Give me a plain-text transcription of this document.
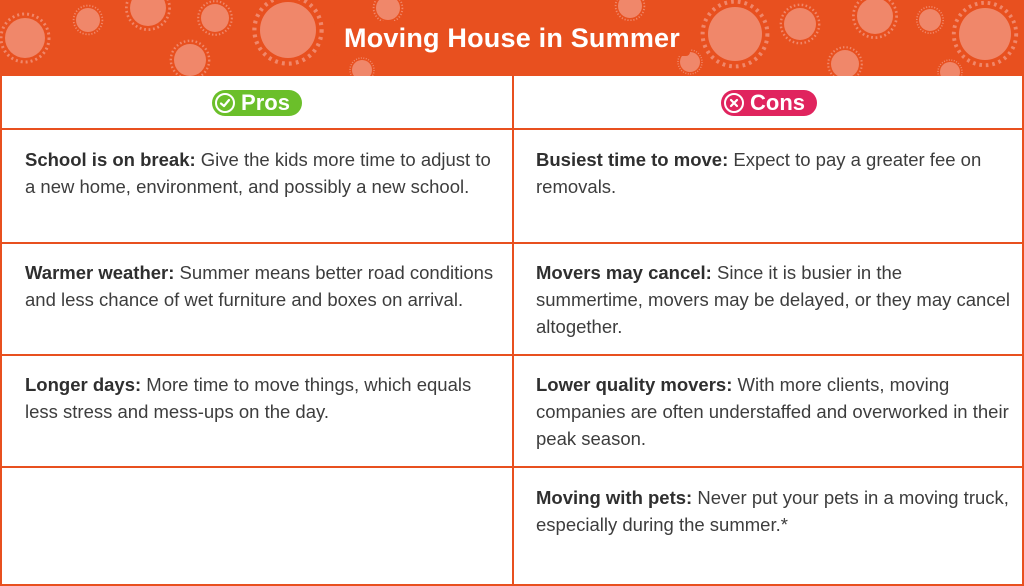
Moving House in Summer
Pros	Cons
School is on break: Give the kids more time to adjust to a new home, environment, and possibly a new school.
Warmer weather: Summer means better road conditions and less chance of wet furniture and boxes on arrival.
Longer days: More time to move things, which equals less stress and mess-ups on the day.
Busiest time to move: Expect to pay a greater fee on removals.
Movers may cancel: Since it is busier in the summertime, movers may be delayed, or they may cancel altogether.
Lower quality movers: With more clients, moving companies are often understaffed and overworked in their peak season.
Moving with pets: Never put your pets in a moving truck, especially during the summer.*
